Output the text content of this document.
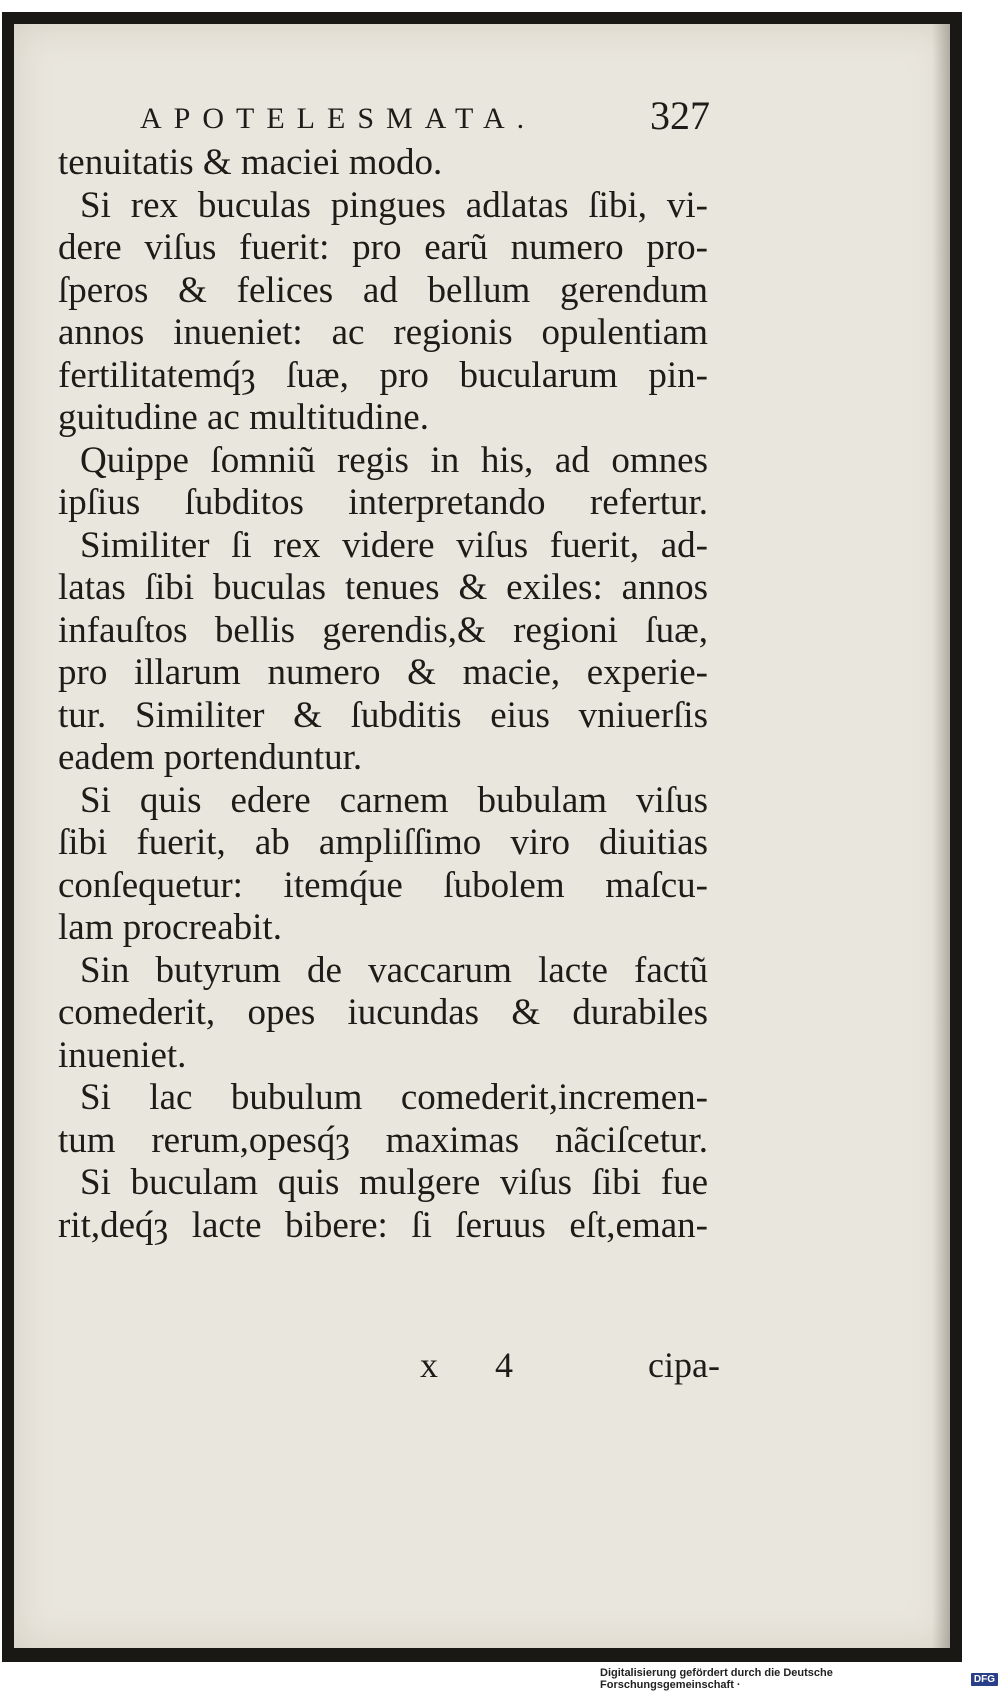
APOTELESMATA.	327
tenuitatis & maciei modo.
Si rex buculas pingues adlatas ſibi, vi-
dere viſus fuerit: pro earũ numero pro-
ſperos & felices ad bellum gerendum
annos inueniet: ac regionis opulentiam
fertilitatemq́ȝ ſuæ, pro bucularum pin-
guitudine ac multitudine.
Quippe ſomniũ regis in his, ad omnes
ipſius ſubditos interpretando refertur.
Similiter ſi rex videre viſus fuerit, ad-
latas ſibi buculas tenues & exiles: annos
infauſtos bellis gerendis,& regioni ſuæ,
pro illarum numero & macie, experie-
tur. Similiter & ſubditis eius vniuerſis
eadem portenduntur.
Si quis edere carnem bubulam viſus
ſibi fuerit, ab ampliſſimo viro diuitias
conſequetur: itemq́ue ſubolem maſcu-
lam procreabit.
Sin butyrum de vaccarum lacte factũ
comederit, opes iucundas & durabiles
inueniet.
Si lac bubulum comederit,incremen-
tum rerum,opesq́ȝ maximas nãciſcetur.
Si buculam quis mulgere viſus ſibi fue
rit,deq́ȝ lacte bibere: ſi ſeruus eſt,eman-
x 4	cipa-
Digitalisierung gefördert durch die Deutsche Forschungsgemeinschaft ·	DFG
